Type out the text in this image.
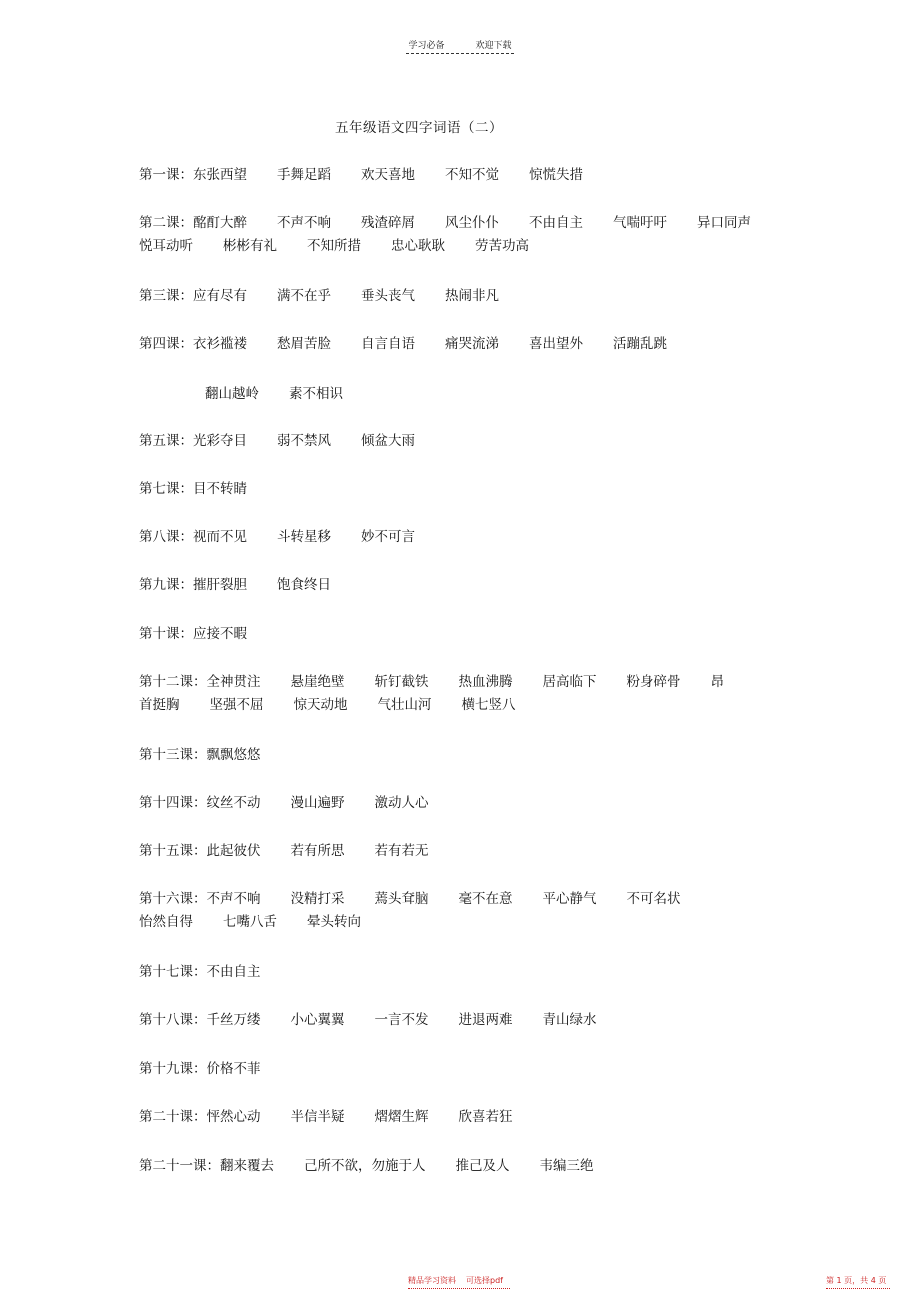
学习必备	欢迎下载
五年级语文四字词语（二）
第一课：东张西望 手舞足蹈 欢天喜地 不知不觉 惊慌失措
第二课：酩酊大醉 不声不响 残渣碎屑 风尘仆仆 不由自主 气喘吁吁 异口同声
悦耳动听 彬彬有礼 不知所措 忠心耿耿 劳苦功高
第三课：应有尽有 满不在乎 垂头丧气 热闹非凡
第四课：衣衫褴褛 愁眉苦脸 自言自语 痛哭流涕 喜出望外 活蹦乱跳
翻山越岭 素不相识
第五课：光彩夺目 弱不禁风 倾盆大雨
第七课：目不转睛
第八课：视而不见 斗转星移 妙不可言
第九课：摧肝裂胆 饱食终日
第十课：应接不暇
第十二课：全神贯注 悬崖绝壁 斩钉截铁 热血沸腾 居高临下 粉身碎骨 昂
首挺胸 坚强不屈 惊天动地 气壮山河 横七竖八
第十三课：飘飘悠悠
第十四课：纹丝不动 漫山遍野 激动人心
第十五课：此起彼伏 若有所思 若有若无
第十六课：不声不响 没精打采 蔫头耷脑 毫不在意 平心静气 不可名状
怡然自得 七嘴八舌 晕头转向
第十七课：不由自主
第十八课：千丝万缕 小心翼翼 一言不发 进退两难 青山绿水
第十九课：价格不菲
第二十课：怦然心动 半信半疑 熠熠生辉 欣喜若狂
第二十一课：翻来覆去 己所不欲，勿施于人 推己及人 韦编三绝
精品学习资料 可选择pdf	第 1 页，共 4 页
